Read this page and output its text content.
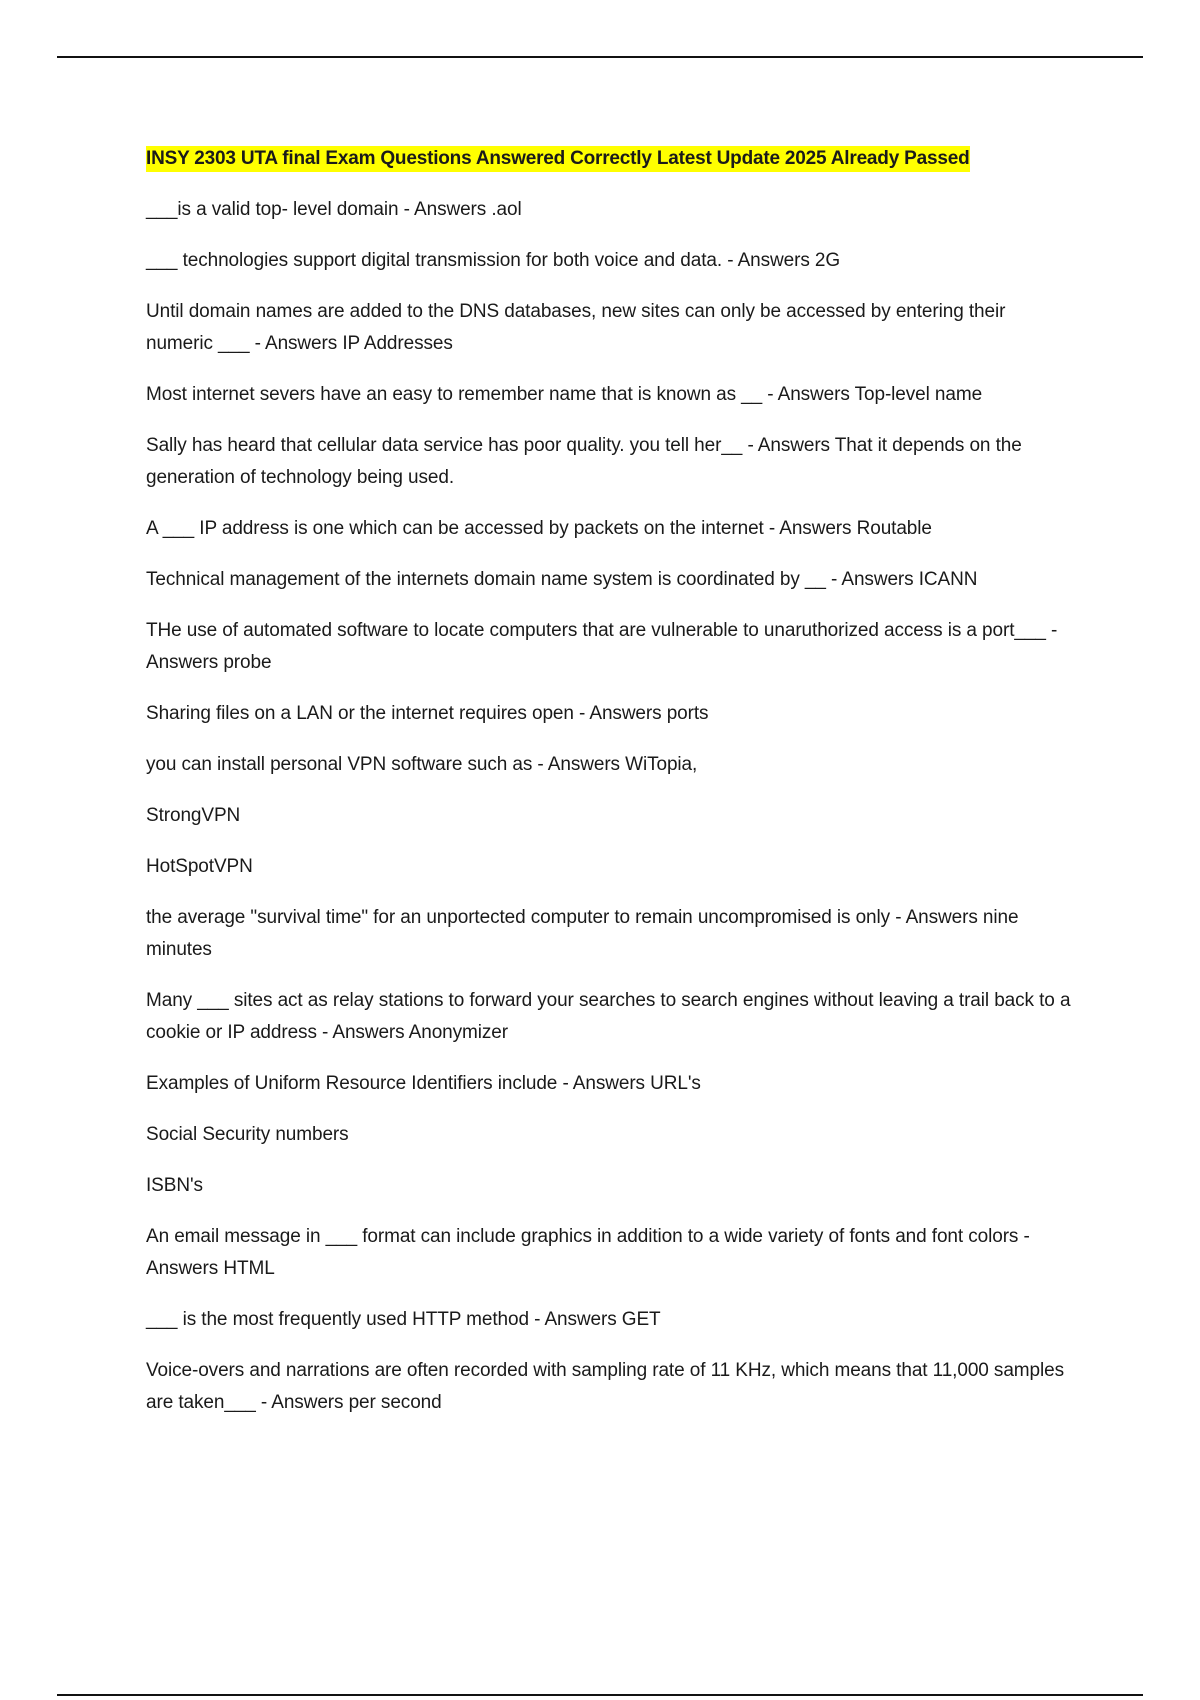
INSY 2303 UTA final Exam Questions Answered Correctly Latest Update 2025 Already Passed
___is a valid top- level domain - Answers .aol
___ technologies support digital transmission for both voice and data. - Answers 2G
Until domain names are added to the DNS databases, new sites can only be accessed by entering their numeric ___ - Answers IP Addresses
Most internet severs have an easy to remember name that is known as __ - Answers Top-level name
Sally has heard that cellular data service has poor quality. you tell her__ - Answers That it depends on the generation of technology being used.
A ___ IP address is one which can be accessed by packets on the internet - Answers Routable
Technical management of the internets domain name system is coordinated by __ - Answers ICANN
THe use of automated software to locate computers that are vulnerable to unaruthorized access is a port___ - Answers probe
Sharing files on a LAN or the internet requires open - Answers ports
you can install personal VPN software such as - Answers WiTopia,
StrongVPN
HotSpotVPN
the average "survival time" for an unportected computer to remain uncompromised is only - Answers nine minutes
Many ___ sites act as relay stations to forward your searches to search engines without leaving a trail back to a cookie or IP address - Answers Anonymizer
Examples of Uniform Resource Identifiers include - Answers URL's
Social Security numbers
ISBN's
An email message in ___ format can include graphics in addition to a wide variety of fonts and font colors - Answers HTML
___ is the most frequently used HTTP method - Answers GET
Voice-overs and narrations are often recorded with sampling rate of 11 KHz, which means that 11,000 samples are taken___ - Answers per second
